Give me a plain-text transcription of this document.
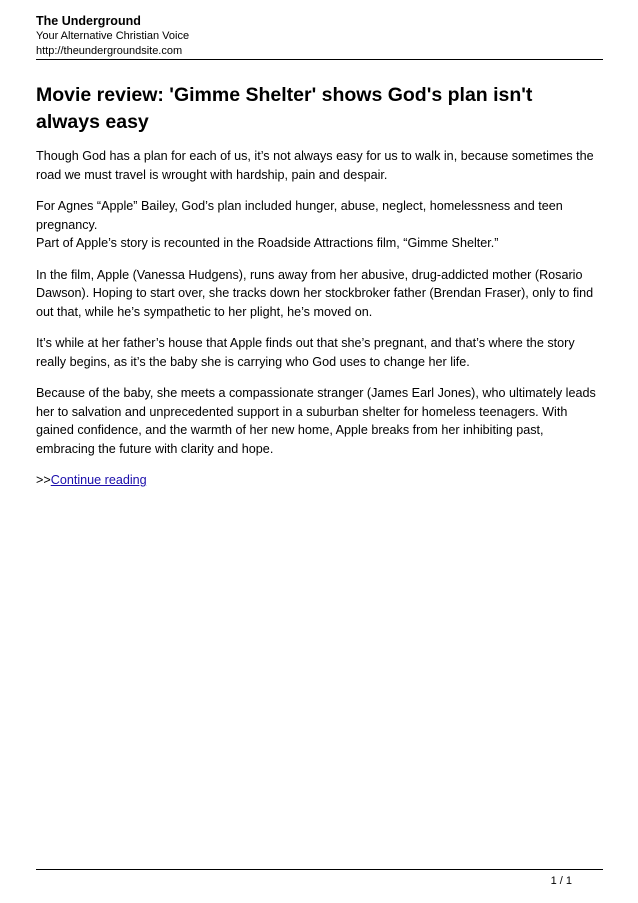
The Underground
Your Alternative Christian Voice
http://theundergroundsite.com
Movie review: 'Gimme Shelter' shows God's plan isn't always easy

Though God has a plan for each of us, it’s not always easy for us to walk in, because sometimes the road we must travel is wrought with hardship, pain and despair.

For Agnes “Apple” Bailey, God’s plan included hunger, abuse, neglect, homelessness and teen pregnancy.

Part of Apple’s story is recounted in the Roadside Attractions film, “Gimme Shelter.”

In the film, Apple (Vanessa Hudgens), runs away from her abusive, drug-addicted mother (Rosario Dawson). Hoping to start over, she tracks down her stockbroker father (Brendan Fraser), only to find out that, while he’s sympathetic to her plight, he’s moved on.

It’s while at her father’s house that Apple finds out that she’s pregnant, and that’s where the story really begins, as it’s the baby she is carrying who God uses to change her life.

Because of the baby, she meets a compassionate stranger (James Earl Jones), who ultimately leads her to salvation and unprecedented support in a suburban shelter for homeless teenagers. With gained confidence, and the warmth of her new home, Apple breaks from her inhibiting past, embracing the future with clarity and hope.

>>Continue reading

1 / 1
